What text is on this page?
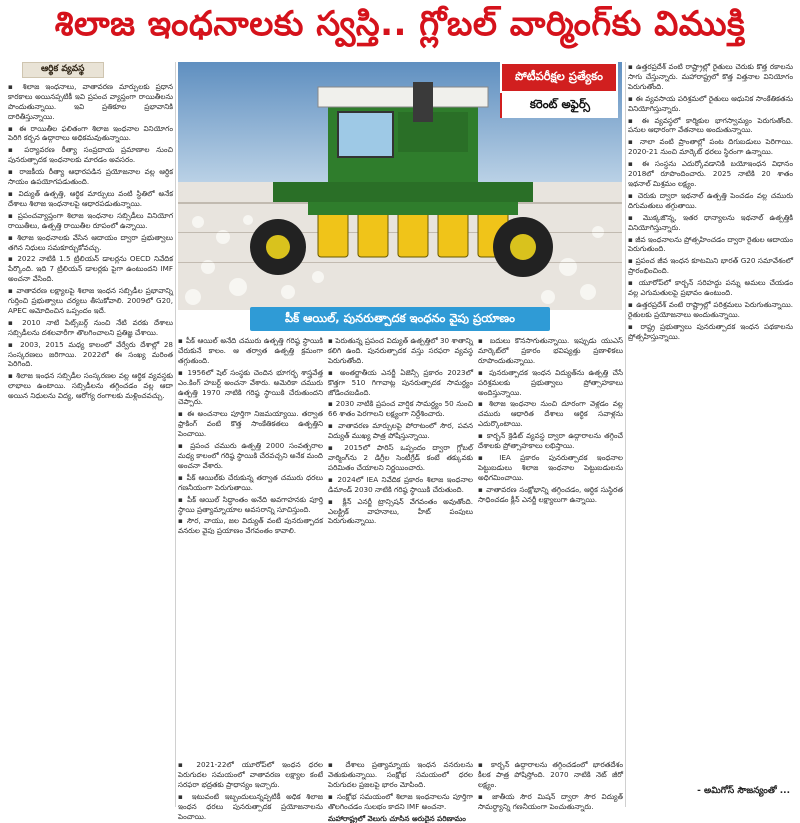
శిలాజ ఇంధనాలకు స్వస్తి.. గ్లోబల్ వార్మింగ్‌కు విముక్తి
ఆర్థిక వ్యవస్థ

▪ శిలాజ ఇంధనాలు, వాతావరణ మార్పులకు ప్రధాన కారకాలు అయినప్పటికీ ఇవి ప్రపంచ వ్యాప్తంగా రాయితీలను పొందుతున్నాయి. ఇవి ప్రతికూల ప్రభావానికి దారితీస్తున్నాయి.

▪ ఈ రాయితీల ఫలితంగా శిలాజ ఇంధనాల వినియోగం పెరిగి కర్బన ఉద్గారాలు అధికమవుతున్నాయి.

▪ పర్యావరణ రీత్యా సంప్రదాయ ప్రమాణాల నుంచి పునరుత్పాదక ఇంధనాలకు మారడం అవసరం.

▪ రాజకీయ రీత్యా ఆధారపడిన ప్రయోజనాల వల్ల ఆర్థిక సాయం ఉపయోగపడుతుంది.

▪ విద్యుత్ ఉత్పత్తి, ఆర్థిక మార్పులు వంటి స్థితిలో అనేక దేశాలు శిలాజ ఇంధనాలపై ఆధారపడుతున్నాయి.

▪ ప్రపంచవ్యాప్తంగా శిలాజ ఇంధనాల సబ్సిడీలు వినియోగ రాయితీలు, ఉత్పత్తి రాయితీల రూపంలో ఉన్నాయి.

▪ శిలాజ ఇంధనాలకు వేసిన ఆదాయం ద్వారా ప్రభుత్వాలు తగిన నిధులు సమకూర్చుకోవచ్చు.

▪ 2022 నాటికి 1.5 ట్రిలియన్ డాలర్లను OECD నివేదిక పేర్కొంది. ఇది 7 ట్రిలియన్ డాలర్లకు పైగా ఉంటుందని IMF అంచనా వేసింది.

▪ వాతావరణ లక్ష్యాలపై శిలాజ ఇంధన సబ్సిడీల ప్రభావాన్ని గుర్తించి ప్రభుత్వాలు చర్యలు తీసుకోవాలి. 2009లో G20, APEC ఆమోదించిన ఒప్పందం ఇదే.

▪ 2010 నాటి పిట్స్‌బర్గ్ నుంచి నేటి వరకు దేశాలు సబ్సిడీలను దశలవారీగా తొలగించాలని ప్రతిజ్ఞ చేశాయి.

▪ 2003, 2015 మధ్య కాలంలో వేర్వేరు దేశాల్లో 28 సంస్కరణలు జరిగాయి. 2022లో ఈ సంఖ్య మరింత పెరిగింది.

▪ శిలాజ ఇంధన సబ్సిడీల సంస్కరణల వల్ల ఆర్థిక వ్యవస్థకు లాభాలు ఉంటాయి. సబ్సిడీలను తగ్గించడం వల్ల ఆదా అయిన నిధులను విద్య, ఆరోగ్య రంగాలకు మళ్లించవచ్చు.

పోటీపరీక్షల ప్రత్యేకం
కరెంట్ అఫైర్స్
పీక్ ఆయిల్, పునరుత్పాదక ఇంధనం వైపు ప్రయాణం

▪ పీక్ ఆయిల్ అనేది చమురు ఉత్పత్తి గరిష్ఠ స్థాయికి చేరుకునే కాలం. ఆ తర్వాత ఉత్పత్తి క్రమంగా తగ్గుతుంది.

▪ 1956లో షెల్ సంస్థకు చెందిన భూగర్భ శాస్త్రవేత్త ఎం.కింగ్ హబర్ట్ అంచనా వేశారు. అమెరికా చమురు ఉత్పత్తి 1970 నాటికి గరిష్ఠ స్థాయికి చేరుతుందని చెప్పారు.

▪ ఈ అంచనాలు పూర్తిగా నిజమయ్యాయి. తర్వాత ఫ్రాకింగ్ వంటి కొత్త సాంకేతికతలు ఉత్పత్తిని పెంచాయి.

▪ ప్రపంచ చమురు ఉత్పత్తి 2000 సంవత్సరాల మధ్య కాలంలో గరిష్ఠ స్థాయికి చేరవచ్చని అనేక మంది అంచనా వేశారు.

▪ పీక్ ఆయిల్‌కు చేరుకున్న తర్వాత చమురు ధరలు గణనీయంగా పెరుగుతాయి.

▪ పీక్ ఆయిల్ సిద్ధాంతం అనేది అవగాహనకు పూర్తి స్థాయి ప్రత్యామ్నాయాల అవసరాన్ని సూచిస్తుంది.

▪ సౌర, వాయు, జల విద్యుత్ వంటి పునరుత్పాదక వనరుల వైపు ప్రయాణం వేగవంతం కావాలి.

▪ పెరుతున్న ప్రపంచ విద్యుత్ ఉత్పత్తిలో 30 శాతాన్ని కలిగి ఉంది. పునరుత్పాదక వస్తు సరఫరా వ్యవస్థ పెరుగుతోంది.

▪ అంతర్జాతీయ ఎనర్జీ ఏజెన్సీ ప్రకారం 2023లో కొత్తగా 510 గిగావాట్ల పునరుత్పాదక సామర్థ్యం జోడించబడింది.

▪ 2030 నాటికి ప్రపంచ వార్షిక సామర్థ్యం 50 నుంచి 66 శాతం పెరగాలని లక్ష్యంగా నిర్దేశించారు.

▪ వాతావరణ మార్పులపై పోరాటంలో సౌర, పవన విద్యుత్ ముఖ్య పాత్ర పోషిస్తున్నాయి.

▪ 2015లో పారిస్ ఒప్పందం ద్వారా గ్లోబల్ వార్మింగ్‌ను 2 డిగ్రీల సెంటీగ్రేడ్ కంటే తక్కువకు పరిమితం చేయాలని నిర్ణయించారు.

▪ 2024లో IEA నివేదిక ప్రకారం శిలాజ ఇంధనాల డిమాండ్ 2030 నాటికి గరిష్ఠ స్థాయికి చేరుతుంది.

▪ క్లీన్ ఎనర్జీ ట్రాన్సిషన్ వేగవంతం అవుతోంది. ఎలక్ట్రిక్ వాహనాలు, హీట్ పంపులు పెరుగుతున్నాయి.

▪ బదులు కొనసాగుతున్నాయి. ఇప్పుడు యుఎస్ మార్కెట్‌లో ప్రకారం భవిష్యత్తు ప్రణాళికలు రూపొందుతున్నాయి.

▪ పునరుత్పాదక ఇంధన విద్యుత్‌ను ఉత్పత్తి చేసే పరిశ్రమలకు ప్రభుత్వాలు ప్రోత్సాహకాలు అందిస్తున్నాయి.

▪ శిలాజ ఇంధనాల నుంచి దూరంగా వెళ్లడం వల్ల చమురు ఆధారిత దేశాలు ఆర్థిక సవాళ్లను ఎదుర్కొంటాయి.

▪ కార్బన్ క్రెడిట్ వ్యవస్థ ద్వారా ఉద్గారాలను తగ్గించే దేశాలకు ప్రోత్సాహకాలు లభిస్తాయి.

▪ IEA ప్రకారం పునరుత్పాదక ఇంధనాల పెట్టుబడులు శిలాజ ఇంధనాల పెట్టుబడులను అధిగమించాయి.

▪ వాతావరణ సంక్షోభాన్ని తగ్గించడం, ఆర్థిక సుస్థిరత సాధించడం క్లీన్ ఎనర్జీ లక్ష్యాలుగా ఉన్నాయి.

▪ 2021-22లో యూరోప్‌లో ఇంధన ధరల పెరుగుదల సమయంలో వాతావరణ లక్ష్యాల కంటే సరఫరా భద్రతకు ప్రాధాన్యం ఇచ్చారు.

▪ ఇటువంటి ఇబ్బందులున్నప్పటికీ అధిక శిలాజ ఇంధన ధరలు పునరుత్పాదక ప్రయోజనాలను పెంచాయి.

▪ దేశాలు ప్రత్యామ్నాయ ఇంధన వనరులను వెతుకుతున్నాయి. సంక్షోభ సమయంలో ధరల పెరుగుదల ప్రజలపై భారం మోపింది.

▪ సంక్షోభ సమయంలో శిలాజ ఇంధనాలను పూర్తిగా తొలగించడం సులభం కాదని IMF అంచనా.

మహారాష్ట్రలో వెలుగు చూసిన అరుదైన పరిణామం

▪ కార్బన్ ఉద్గారాలను తగ్గించడంలో భారతదేశం కీలక పాత్ర పోషిస్తోంది. 2070 నాటికి నెట్ జీరో లక్ష్యం.

▪ జాతీయ సౌర మిషన్ ద్వారా సౌర విద్యుత్ సామర్థ్యాన్ని గణనీయంగా పెంచుతున్నారు.

▪ ఉత్తరప్రదేశ్ వంటి రాష్ట్రాల్లో రైతులు చెరుకు కొత్త రకాలను సాగు చేస్తున్నారు. మహారాష్ట్రలో కొత్త విత్తనాల వినియోగం పెరుగుతోంది.

▪ ఈ వ్యవసాయ పరిశ్రమలో రైతులు ఆధునిక సాంకేతికతను వినియోగిస్తున్నారు.

▪ ఈ వ్యవస్థలో కార్మికుల భాగస్వామ్యం పెరుగుతోంది. పనుల ఆధారంగా వేతనాలు అందుతున్నాయి.

▪ నాలా వంటి ప్రాంతాల్లో పంట దిగుబడులు పెరిగాయి. 2020-21 నుంచి మార్కెట్ ధరలు స్థిరంగా ఉన్నాయి.

▪ ఈ సంస్థను ఎదుర్కోవడానికి బయోఇంధన విధానం 2018లో రూపొందించారు. 2025 నాటికి 20 శాతం ఇథనాల్ మిశ్రమం లక్ష్యం.

▪ చెరుకు ద్వారా ఇథనాల్ ఉత్పత్తి పెంచడం వల్ల చమురు దిగుమతులు తగ్గుతాయి.

▪ మొక్కజొన్న, ఇతర ధాన్యాలను ఇథనాల్ ఉత్పత్తికి వినియోగిస్తున్నారు.

▪ జీవ ఇంధనాలను ప్రోత్సహించడం ద్వారా రైతుల ఆదాయం పెరుగుతుంది.

▪ ప్రపంచ జీవ ఇంధన కూటమిని భారత్ G20 సమావేశంలో ప్రారంభించింది.

▪ యూరోప్‌లో కార్బన్ సరిహద్దు పన్ను అమలు చేయడం వల్ల ఎగుమతులపై ప్రభావం ఉంటుంది.

▪ ఉత్తరప్రదేశ్ వంటి రాష్ట్రాల్లో పరిశ్రమలు పెరుగుతున్నాయి. రైతులకు ప్రయోజనాలు అందుతున్నాయి.

▪ రాష్ట్ర ప్రభుత్వాలు పునరుత్పాదక ఇంధన పథకాలను ప్రోత్సహిస్తున్నాయి.

- అమిగోస్ సౌజన్యంతో ...
